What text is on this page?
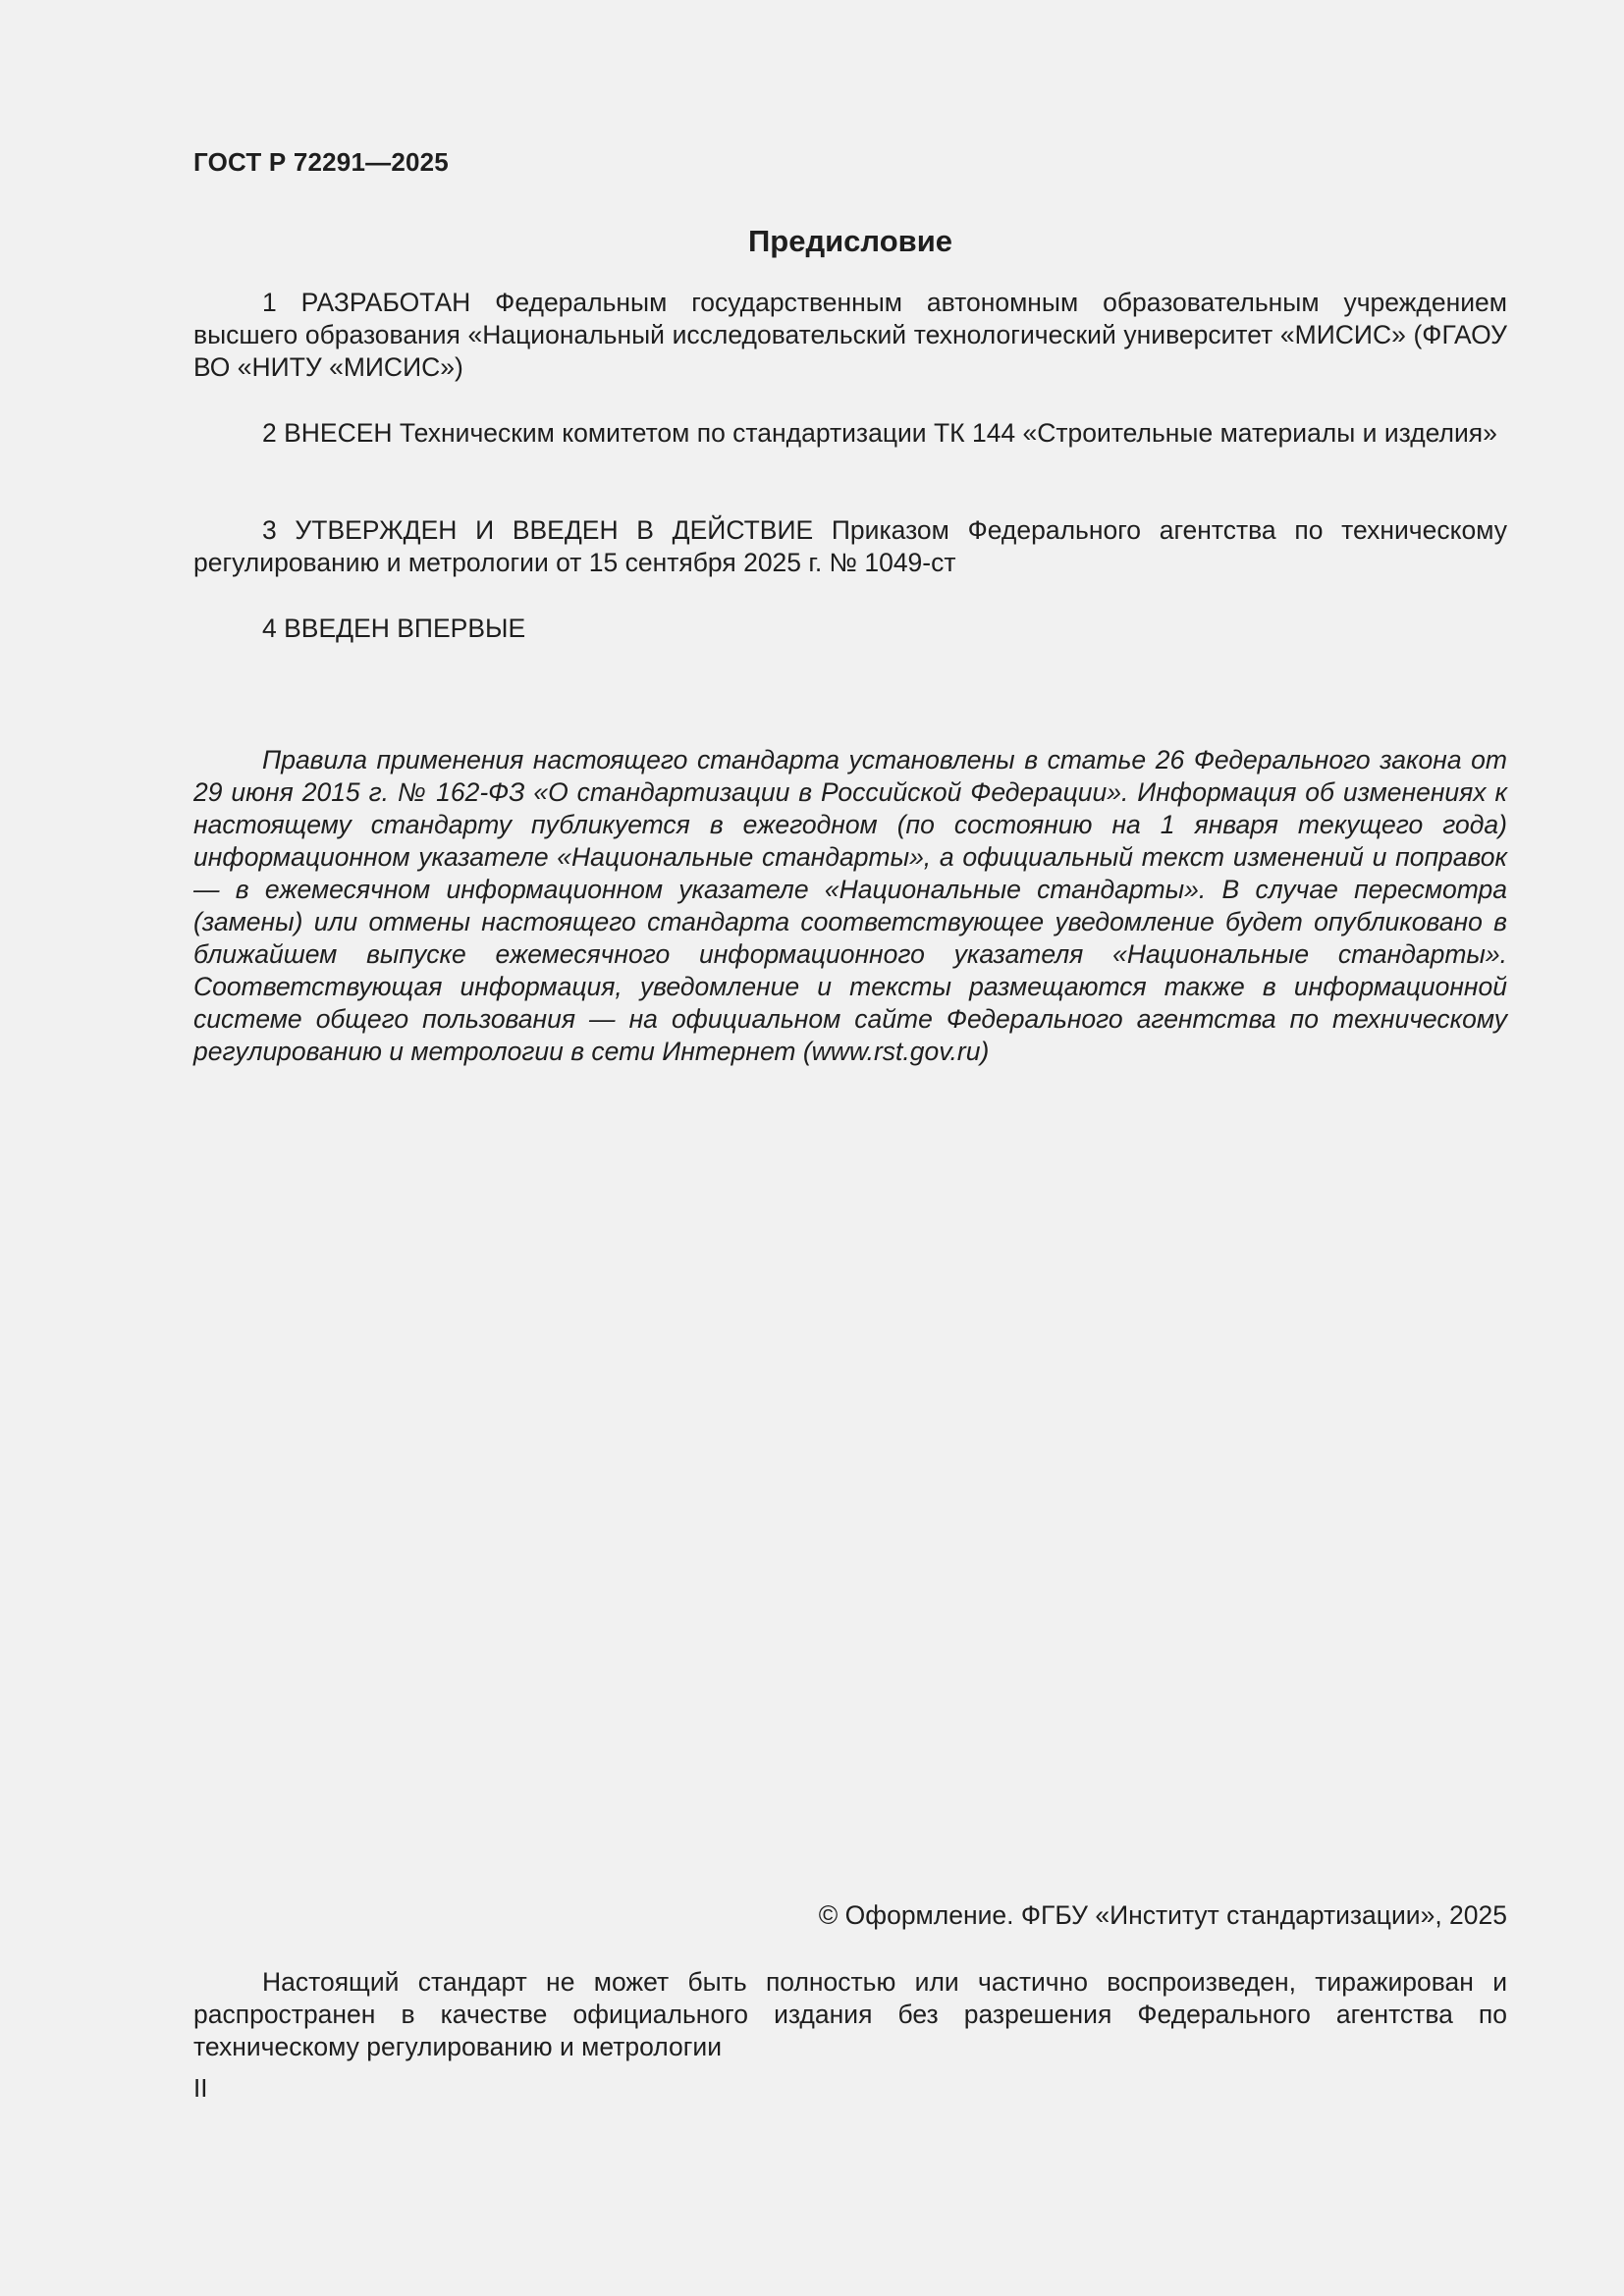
ГОСТ Р 72291—2025
Предисловие

1 РАЗРАБОТАН Федеральным государственным автономным образовательным учреждением высшего образования «Национальный исследовательский технологический университет «МИСИС» (ФГАОУ ВО «НИТУ «МИСИС»)

2 ВНЕСЕН Техническим комитетом по стандартизации ТК 144 «Строительные материалы и изделия»

3 УТВЕРЖДЕН И ВВЕДЕН В ДЕЙСТВИЕ Приказом Федерального агентства по техническому регулированию и метрологии от 15 сентября 2025 г. № 1049-ст

4 ВВЕДЕН ВПЕРВЫЕ

Правила применения настоящего стандарта установлены в статье 26 Федерального закона от 29 июня 2015 г. № 162-ФЗ «О стандартизации в Российской Федерации». Информация об изменениях к настоящему стандарту публикуется в ежегодном (по состоянию на 1 января текущего года) информационном указателе «Национальные стандарты», а официальный текст изменений и поправок — в ежемесячном информационном указателе «Национальные стандарты». В случае пересмотра (замены) или отмены настоящего стандарта соответствующее уведомление будет опубликовано в ближайшем выпуске ежемесячного информационного указателя «Национальные стандарты». Соответствующая информация, уведомление и тексты размещаются также в информационной системе общего пользования — на официальном сайте Федерального агентства по техническому регулированию и метрологии в сети Интернет (www.rst.gov.ru)

© Оформление. ФГБУ «Институт стандартизации», 2025

Настоящий стандарт не может быть полностью или частично воспроизведен, тиражирован и распространен в качестве официального издания без разрешения Федерального агентства по техническому регулированию и метрологии

II
